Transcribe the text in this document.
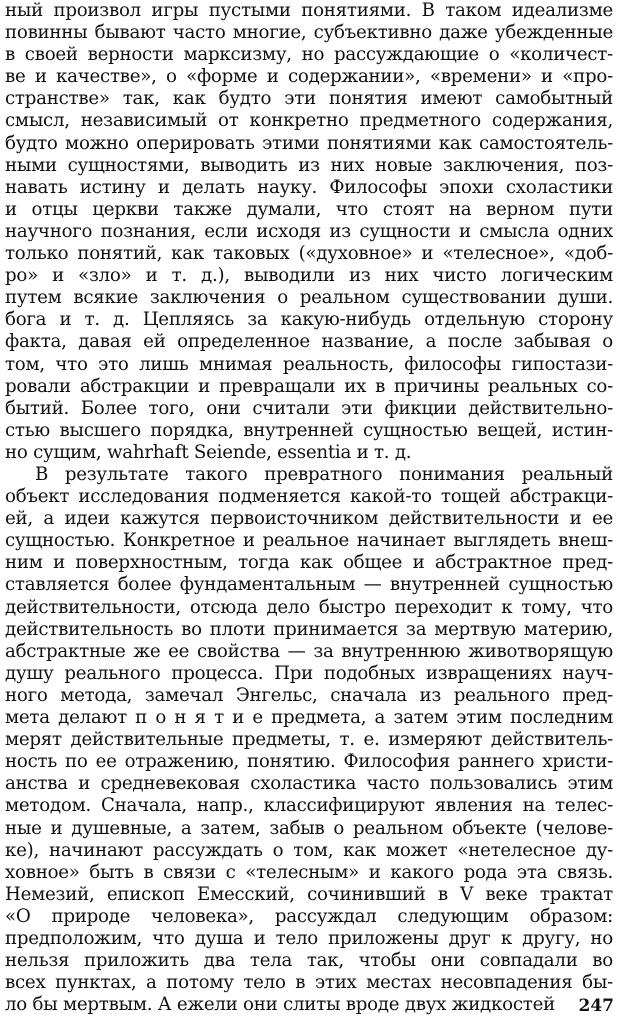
ный произвол игры пустыми понятиями. В таком идеализме
повинны бывают часто многие, субъективно даже убежденные
в своей верности марксизму, но рассуждающие о «количест-
ве и качестве», о «форме и содержании», «времени» и «про-
странстве» так, как будто эти понятия имеют самобытный
смысл, независимый от конкретно предметного содержания,
будто можно оперировать этими понятиями как самостоятель-
ными сущностями, выводить из них новые заключения, поз-
навать истину и делать науку. Философы эпохи схоластики
и отцы церкви также думали, что стоят на верном пути
научного познания, если исходя из сущности и смысла одних
только понятий, как таковых («духовное» и «телесное», «доб-
ро» и «зло» и т. д.), выводили из них чисто логическим
путем всякие заключения о реальном существовании души.
бога и т. д. Цепляясь за какую-нибудь отдельную сторону
факта, давая ей определенное название, а после забывая о
том, что это лишь мнимая реальность, философы гипостази-
ровали абстракции и превращали их в причины реальных со-
бытий. Более того, они считали эти фикции действительно-
стью высшего порядка, внутренней сущностью вещей, истин-
но сущим, wahrhaft Seiende, essentia и т. д.
В результате такого превратного понимания реальный
объект исследования подменяется какой-то тощей абстракци-
ей, а идеи кажутся первоисточником действительности и ее
сущностью. Конкретное и реальное начинает выглядеть внеш-
ним и поверхностным, тогда как общее и абстрактное пред-
ставляется более фундаментальным — внутренней сущностью
действительности, отсюда дело быстро переходит к тому, что
действительность во плоти принимается за мертвую материю,
абстрактные же ее свойства — за внутреннюю животворящую
душу реального процесса. При подобных извращениях науч-
ного метода, замечал Энгельс, сначала из реального пред-
мета делают п о н я т и е предмета, а затем этим последним
мерят действительные предметы, т. е. измеряют действитель-
ность по ее отражению, понятию. Философия раннего христи-
анства и средневековая схоластика часто пользовались этим
методом. Сначала, напр., классифицируют явления на телес-
ные и душевные, а затем, забыв о реальном объекте (челове-
ке), начинают рассуждать о том, как может «нетелесное ду-
ховное» быть в связи с «телесным» и какого рода эта связь.
Немезий, епископ Емесский, сочинивший в V веке трактат
«О природе человека», рассуждал следующим образом:
предположим, что душа и тело приложены друг к другу, но
нельзя приложить два тела так, чтобы они совпадали во
всех пунктах, а потому тело в этих местах несовпадения бы-
ло бы мертвым. А ежели они слиты вроде двух жидкостей	247
